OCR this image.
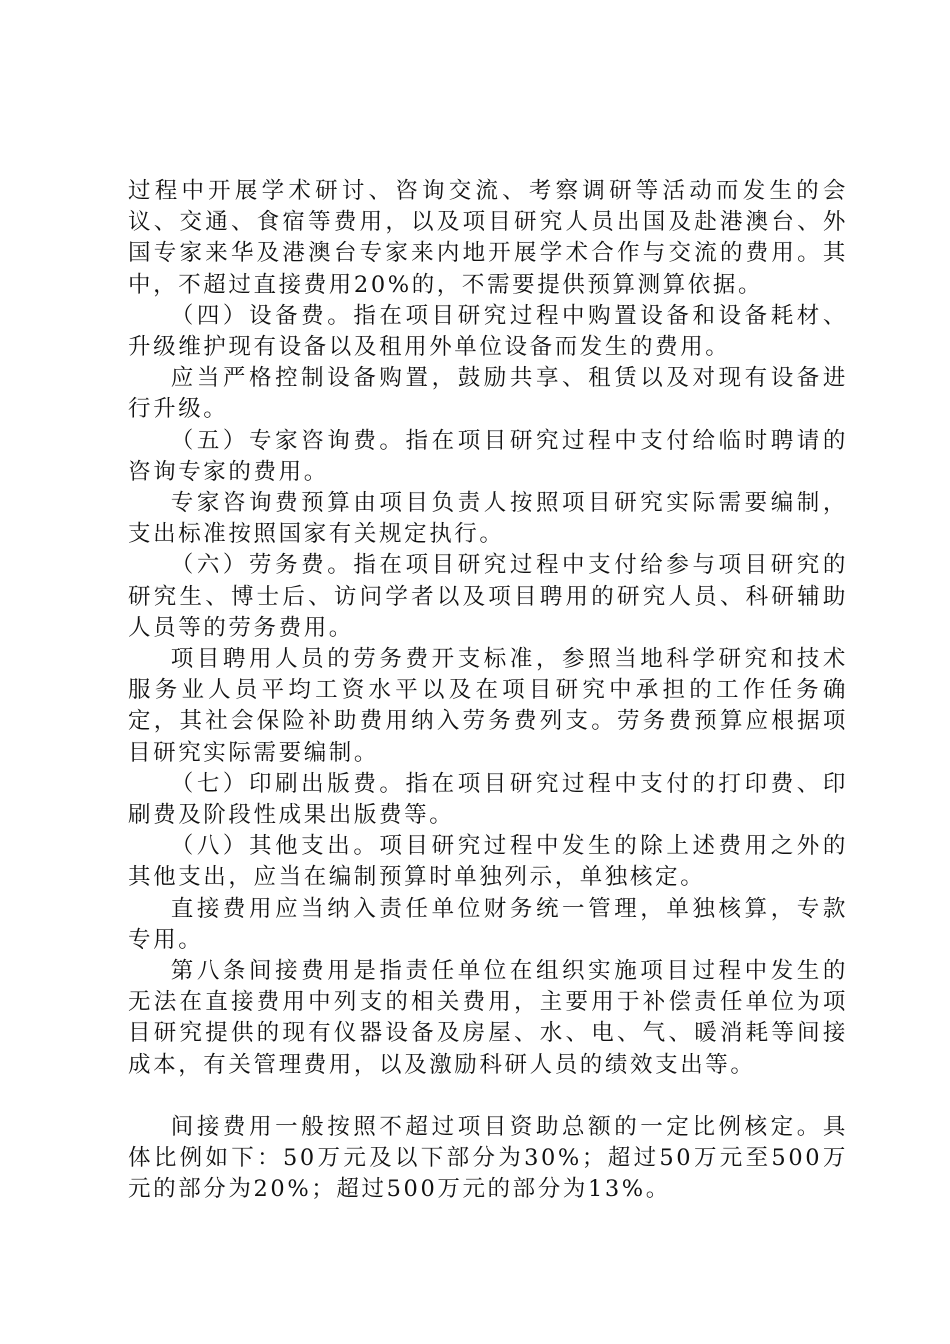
过程中开展学术研讨、咨询交流、考察调研等活动而发生的会议、交通、食宿等费用，以及项目研究人员出国及赴港澳台、外国专家来华及港澳台专家来内地开展学术合作与交流的费用。其中，不超过直接费用20%的，不需要提供预算测算依据。

（四）设备费。指在项目研究过程中购置设备和设备耗材、升级维护现有设备以及租用外单位设备而发生的费用。

应当严格控制设备购置，鼓励共享、租赁以及对现有设备进行升级。

（五）专家咨询费。指在项目研究过程中支付给临时聘请的咨询专家的费用。

专家咨询费预算由项目负责人按照项目研究实际需要编制，支出标准按照国家有关规定执行。

（六）劳务费。指在项目研究过程中支付给参与项目研究的研究生、博士后、访问学者以及项目聘用的研究人员、科研辅助人员等的劳务费用。

项目聘用人员的劳务费开支标准，参照当地科学研究和技术服务业人员平均工资水平以及在项目研究中承担的工作任务确定，其社会保险补助费用纳入劳务费列支。劳务费预算应根据项目研究实际需要编制。

（七）印刷出版费。指在项目研究过程中支付的打印费、印刷费及阶段性成果出版费等。

（八）其他支出。项目研究过程中发生的除上述费用之外的其他支出，应当在编制预算时单独列示，单独核定。

直接费用应当纳入责任单位财务统一管理，单独核算，专款专用。

第八条间接费用是指责任单位在组织实施项目过程中发生的无法在直接费用中列支的相关费用，主要用于补偿责任单位为项目研究提供的现有仪器设备及房屋、水、电、气、暖消耗等间接成本，有关管理费用，以及激励科研人员的绩效支出等。

间接费用一般按照不超过项目资助总额的一定比例核定。具体比例如下：50万元及以下部分为30%；超过50万元至500万元的部分为20%；超过500万元的部分为13%。
